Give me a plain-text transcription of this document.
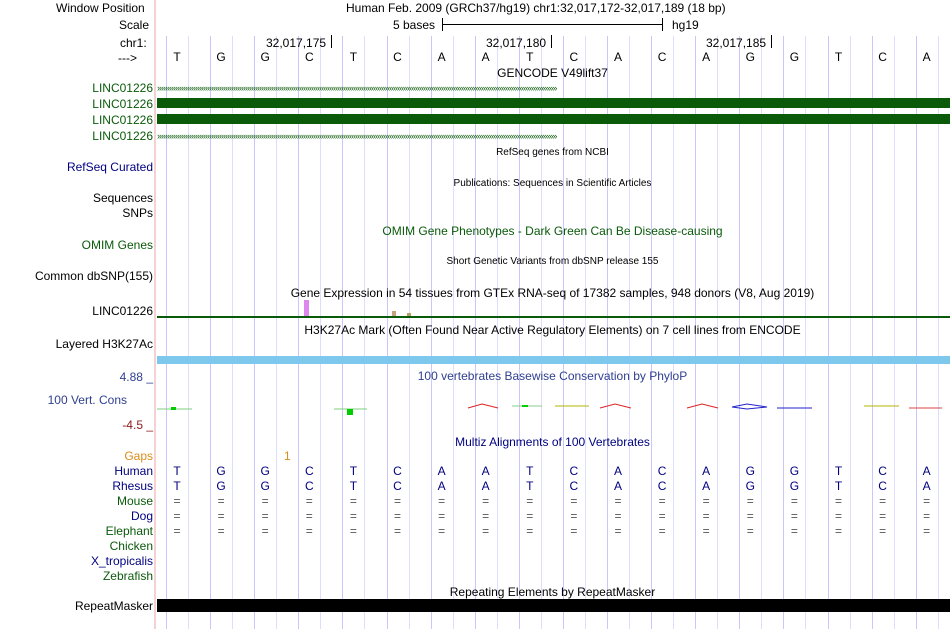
Window Position	Human Feb. 2009 (GRCh37/hg19) chr1:32,017,172-32,017,189 (18 bp)
Scale	5 bases	hg19
chr1:	32,017,175	32,017,180	32,017,185
--->	T	G	G	C	T	C	A	A	T	C	A	C	A	G	G	T	C	A
GENCODE V49lift37
LINC01226 ››››››››››››››››››››››››››››››››››››››››››››››››››››››››››››››››››››››››››››››››››››››››››››››››››››››››››››››››››››››››››››››››››››››››››››››››››››››››››››››››››››››››››››››››››››››››››››››››››››››››
LINC01226
LINC01226
LINC01226 ››››››››››››››››››››››››››››››››››››››››››››››››››››››››››››››››››››››››››››››››››››››››››››››››››››››››››››››››››››››››››››››››››››››››››››››››››››››››››››››››››››››››››››››››››››››››››››››››››››››››
RefSeq genes from NCBI
RefSeq Curated
Publications: Sequences in Scientific Articles
Sequences
SNPs
OMIM Gene Phenotypes - Dark Green Can Be Disease-causing
OMIM Genes
Short Genetic Variants from dbSNP release 155
Common dbSNP(155)
Gene Expression in 54 tissues from GTEx RNA-seq of 17382 samples, 948 donors (V8, Aug 2019)
LINC01226
H3K27Ac Mark (Often Found Near Active Regulatory Elements) on 7 cell lines from ENCODE
Layered H3K27Ac
100 vertebrates Basewise Conservation by PhyloP
4.88 _
100 Vert. Cons
-4.5 _
Multiz Alignments of 100 Vertebrates
Gaps	1
Human	T	G	G	C	T	C	A	A	T	C	A	C	A	G	G	T	C	A
Rhesus	T	G	G	C	T	C	A	A	T	C	A	C	A	G	G	T	C	A
Mouse	=	=	=	=	=	=	=	=	=	=	=	=	=	=	=	=	=	=
Dog	=	=	=	=	=	=	=	=	=	=	=	=	=	=	=	=	=	=
Elephant	=	=	=	=	=	=	=	=	=	=	=	=	=	=	=	=	=	=
Chicken
X_tropicalis
Zebrafish
Repeating Elements by RepeatMasker
RepeatMasker
